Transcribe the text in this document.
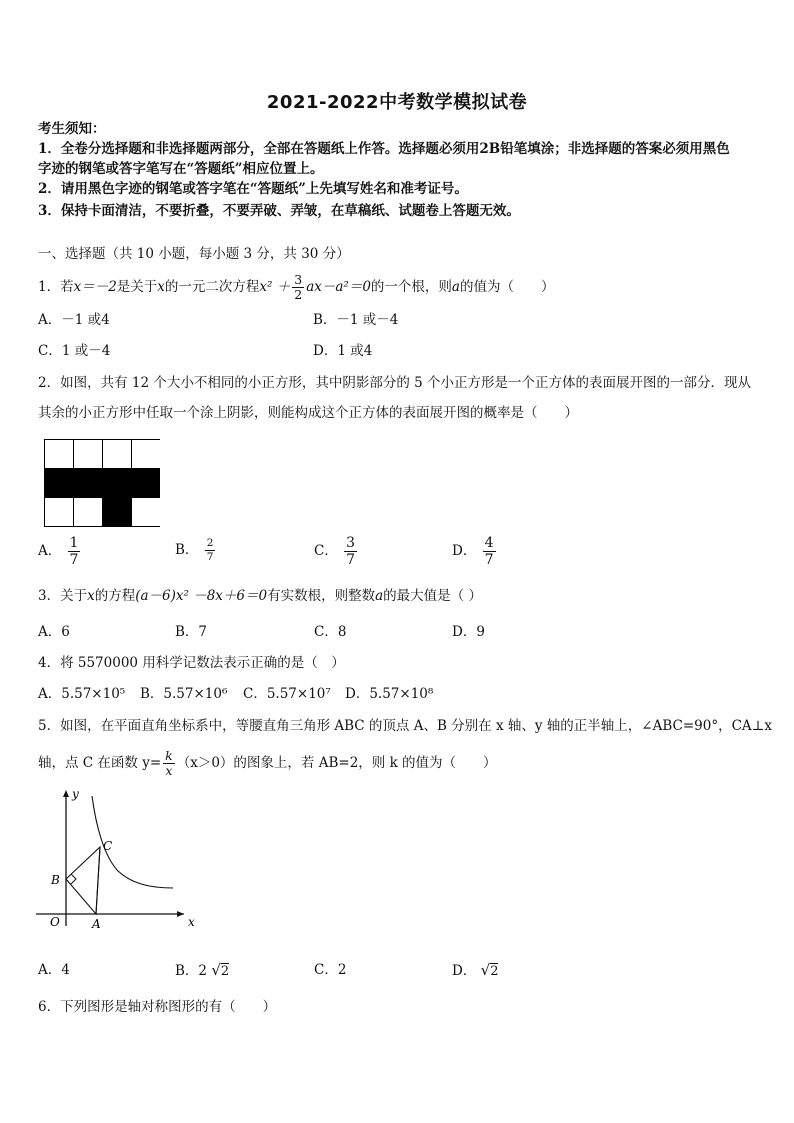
2021-2022中考数学模拟试卷
考生须知：
1．全卷分选择题和非选择题两部分，全部在答题纸上作答。选择题必须用2B铅笔填涂；非选择题的答案必须用黑色
字迹的钢笔或答字笔写在“答题纸”相应位置上。
2．请用黑色字迹的钢笔或答字笔在“答题纸”上先填写姓名和准考证号。
3．保持卡面清洁，不要折叠，不要弄破、弄皱，在草稿纸、试题卷上答题无效。
一、选择题（共 10 小题，每小题 3 分，共 30 分）
1．若x＝－2是关于x的一元二次方程$x^2 + \frac{3}{2} ax-a^2=0$的一个根，则a的值为（　　）
A．－1 或4	B．－1 或－4
C．1 或－4	D．1 或4
2．如图，共有 12 个大小不相同的小正方形，其中阴影部分的 5 个小正方形是一个正方体的表面展开图的一部分．现从
其余的小正方形中任取一个涂上阴影，则能构成这个正方体的表面展开图的概率是（　　）
A． $\frac{1}{7}$	B． $\frac{2}{7}$	C． $\frac{3}{7}$	D． $\frac{4}{7}$
3．关于x的方程(a－6)x² －8x＋6＝0有实数根，则整数a的最大值是（ ）
A．6	B．7	C．8	D．9
4．将 5570000 用科学记数法表示正确的是（　）
A．5.57×10⁵ B．5.57×10⁶ C．5.57×10⁷ D．5.57×10⁸
5．如图，在平面直角坐标系中，等腰直角三角形 ABC 的顶点 A、B 分别在 x 轴、y 轴的正半轴上，∠ABC=90°，CA⊥x
轴，点 C 在函数 $y= \frac{k}{x} (x>0)$的图象上，若 AB=2，则 k 的值为（　　）
y
x
O	A
B
C
A．4	B．2 √2	C．2	D． √2
6．下列图形是轴对称图形的有（　　）
